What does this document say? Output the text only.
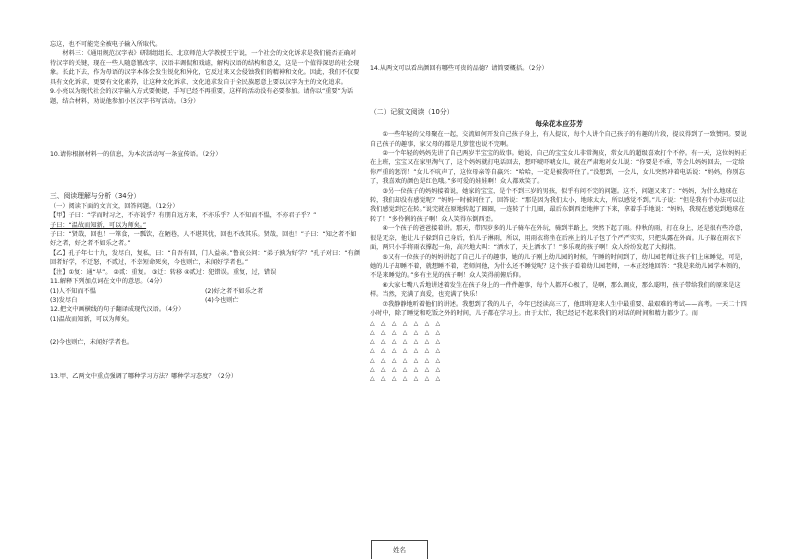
忘这，也不可能完全被电子输入所取代。

材料三：《通用规范汉字表》研制组组长、北京师范大学教授王宁说，一个社会的文化诉求是我们能否正确对待汉字的关键，现在一些人随意篡改字、汉语丰调侃和戏谑，解构汉语的结构和意义，这是一个值得深思的社会现象。长此下去，作为母语的汉字本体会发生锐化和异化，它反过来又会侵蚀我们的精神和文化。因此，我们不仅要具有文化诉求，更要有文化素养，让这种文化诉求、文化追求发自于全民族愿意上要以汉字为主的文化追求。

9.小亮以为现代社会的汉字输入方式要便捷，手写已经不再重要，这样的活动没有必要参加。请你以“重要”为话题，结合材料，劝说他参加小区汉字书写活动。（3分）

10.请你根据材料一的信息，为本次活动写一条宣传语。（2分）

三、阅读理解与分析（34分）

（一）阅读下面的文言文，回答问题。（12分）

【甲】子曰：“学而时习之，不亦说乎？有朋自远方来，不亦乐乎？人不知而不愠，不亦君子乎？”

子曰：“温故而知新，可以为师矣。”

子曰：“贤哉，回也！一箪食，一瓢饮，在陋巷，人不堪其忧，回也不改其乐。贤哉，回也！”子曰：“知之者不如好之者，好之者不如乐之者。”

【乙】孔子年七十九，发尽白，复私，曰：“自吾有回，门人益亲。”鲁哀公问：“弟子孰为好学？”孔子对曰：“有颜回者好学，不迁怒，不贰过，不幸短命死矣，今也则亡，未闻好学者也。”

【注】①复：通“早”。 ②贰：重复。 ③迁：转移 ④贰过：犯错误。重复，过，错误

11.解释下列加点词在文中的意思。（4分）

(1)人不知而不愠	(2)好之者不如乐之者

(3)发尽白	(4)今也则亡

12.把文中画横线的句子翻译成现代汉语。（4分）

(1)温故而知新，可以为师矣。

(2)今也则亡，未闻好学者也。

13.甲、乙两文中重点强调了哪种学习方法？哪种学习态度？（2分）

14.从两文可以看出颜回有哪些可贵的品德？请简要概括。（2分）

（二）记叙文阅读（10分）

每朵花本应芬芳

①一些年轻的父母聚在一起，交流如何开发自己孩子身上，有人提议，每个人讲个自己孩子的有趣的片段，提议得到了一致赞同。要说自己孩子的趣事，家父母的都是几箩筐也说不完啊。

②一个年轻的妈妈先讲了自己两岁半宝宝的故事。她说，自己的宝宝女儿非常淘皮，常女儿的超级喜欢打个不停。有一天，这位妈妈正在上班，宝宝又在家里淘气了，这个妈妈就打电话回去，想吓唬吓唬女儿，就在严肃地对女儿说：“你要是不乖，等会儿妈妈回去，一定给你严重的惩罚！”女儿不吭声了，这位母亲等自赢兴：“哈哈，一定是被我吓住了。”没想到，一会儿，女儿突然冲着电话说：“妈妈，你别忘了，我喜欢的颜色是红色哦。”多可爱的娃娃啊！众人都欢笑了。

③另一位孩子的妈妈接着说，她家的宝宝，是个不到三岁的男孩，似乎有问不完的问题。这不，问题又来了：“妈妈，为什么地球在转，我们却没有感觉呢？”妈妈一时被问住了，回答说：“那是因为我们太小，地球太大，所以感觉不到。”儿子说：“但是我有个办法可以让我们感觉到它在转。”说完就在原地转起了圈圈，一连转了十几圈，最后东倒西歪地摔了下来，拿着手手地说：“妈妈，我现在感觉到地球在转了！”多伶俐的孩子啊！众人笑得东倒西歪。

④一个孩子的爸爸接着讲。那天，带四岁多的儿子骑车在外玩，骑到半路上，突然下起了雨。仲秋的雨，打在身上，还是很有些冷意，很是无奈，他让儿子躲到自己身后，怕儿子淋雨，所以，用雨衣将坐在后座上的儿子包了个严严实实，只把头露在外面。儿子躲在雨衣下面，两只小手将雨衣撑起一角，高兴地大叫：“洒水了，天上洒水了！”多乐观的孩子啊！众人纷纷发起了大拇指。

⑤又有一位孩子的妈妈讲起了自己儿子的趣事，她的儿子刚上幼儿园的时候，午睡的时间到了，幼儿园老师让孩子们上床睡觉，可是，她的儿子却睡不着，就想睡不着，老师问他，为什么还不睡觉呢？这个孩子看着幼儿园老师，一本正经地回答：“我是来幼儿园学本领的，不是来睡觉的。”多有主见的孩子啊！众人笑得前俯后仰。

⑥大家七嘴八舌地讲述着发生在孩子身上的一件件趣事，每个人都开心极了，是啊，那么调皮，那么聪明，孩子带给我们的原来是这样。当然，充满了真爱，也充满了快乐！

⑦我静静地听着他们的讲述。我想到了我的儿子，今年已经读高三了，他即将迎来人生中最重要、最艰难的考试——高考。一天二十四小时中，除了睡觉和吃饭之外的时间，儿子都在学习上。由于太忙，我已经记不起来我们的对话的时间和精力都少了。而

△ △ △ △ △ △ △
△ △ △ △ △ △ △
△ △ △ △ △ △ △
△ △ △ △ △ △ △
△ △ △ △ △ △ △
△ △ △ △ △ △ △
△ △ △ △ △ △ △
姓名
